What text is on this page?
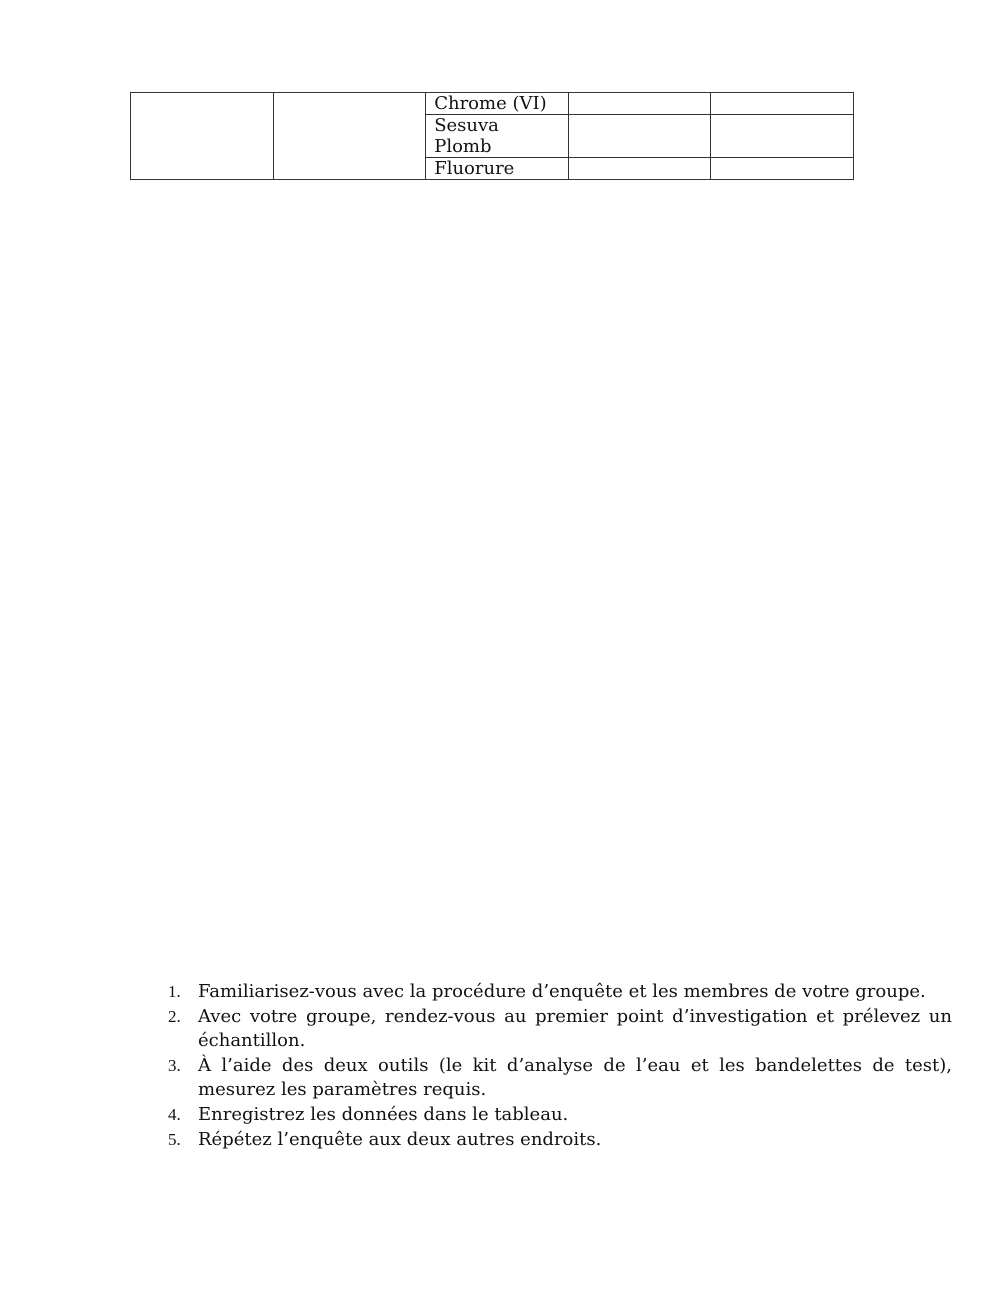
		Chrome (VI)		

		Sesuva
Plomb		

		Fluorure		
1. Familiarisez-vous avec la procédure d’enquête et les membres de votre groupe.
2. Avec votre groupe, rendez-vous au premier point d’investigation et prélevez un échantillon.
3. À l’aide des deux outils (le kit d’analyse de l’eau et les bandelettes de test), mesurez les paramètres requis.
4. Enregistrez les données dans le tableau.
5. Répétez l’enquête aux deux autres endroits.
